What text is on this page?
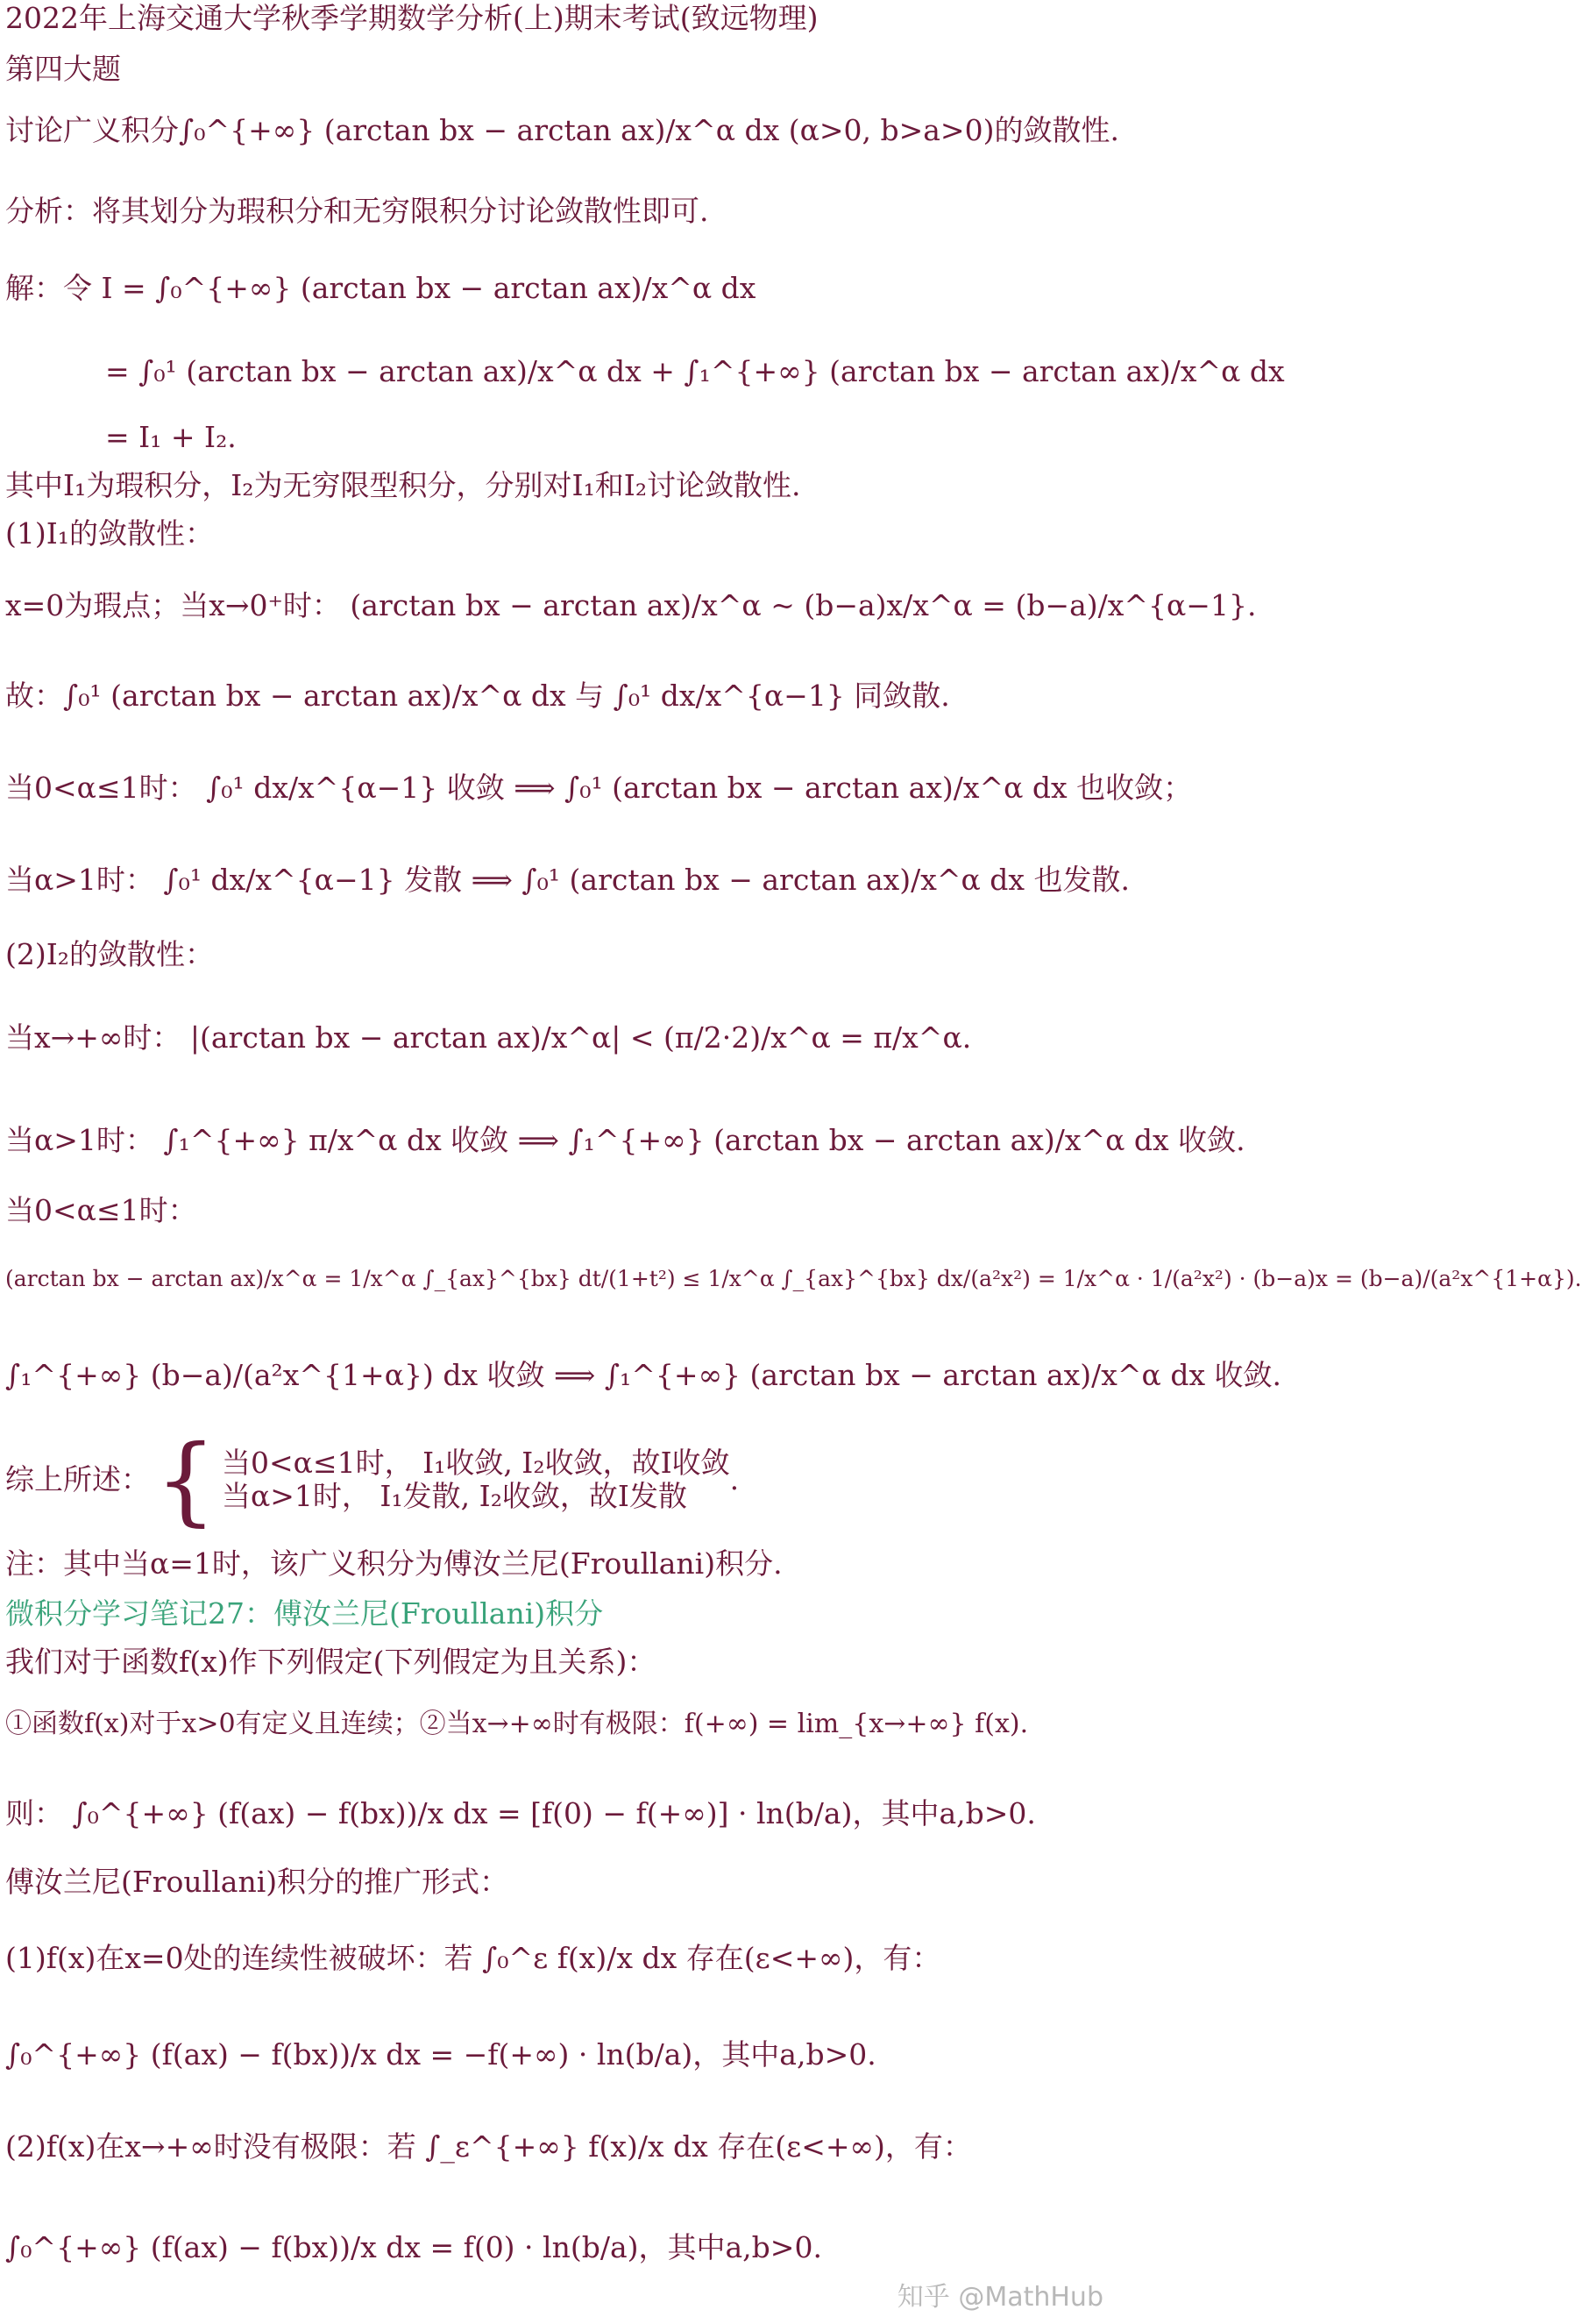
2022年上海交通大学秋季学期数学分析(上)期末考试(致远物理)
第四大题
讨论广义积分∫₀^{+∞} (arctan bx − arctan ax)/x^α dx (α>0, b>a>0)的敛散性.
分析：将其划分为瑕积分和无穷限积分讨论敛散性即可.
解：令 I = ∫₀^{+∞} (arctan bx − arctan ax)/x^α dx
= ∫₀¹ (arctan bx − arctan ax)/x^α dx + ∫₁^{+∞} (arctan bx − arctan ax)/x^α dx
= I₁ + I₂.
其中I₁为瑕积分，I₂为无穷限型积分，分别对I₁和I₂讨论敛散性.
(1)I₁的敛散性：
x=0为瑕点；当x→0⁺时： (arctan bx − arctan ax)/x^α ~ (b−a)x/x^α = (b−a)/x^{α−1}.
故：∫₀¹ (arctan bx − arctan ax)/x^α dx 与 ∫₀¹ dx/x^{α−1} 同敛散.
当0<α≤1时： ∫₀¹ dx/x^{α−1} 收敛 ⟹ ∫₀¹ (arctan bx − arctan ax)/x^α dx 也收敛；
当α>1时： ∫₀¹ dx/x^{α−1} 发散 ⟹ ∫₀¹ (arctan bx − arctan ax)/x^α dx 也发散.
(2)I₂的敛散性：
当x→+∞时： |(arctan bx − arctan ax)/x^α| < (π/2·2)/x^α = π/x^α.
当α>1时： ∫₁^{+∞} π/x^α dx 收敛 ⟹ ∫₁^{+∞} (arctan bx − arctan ax)/x^α dx 收敛.
当0<α≤1时：
(arctan bx − arctan ax)/x^α = 1/x^α ∫_{ax}^{bx} dt/(1+t²) ≤ 1/x^α ∫_{ax}^{bx} dx/(a²x²) = 1/x^α · 1/(a²x²) · (b−a)x = (b−a)/(a²x^{1+α}).
∫₁^{+∞} (b−a)/(a²x^{1+α}) dx 收敛 ⟹ ∫₁^{+∞} (arctan bx − arctan ax)/x^α dx 收敛.
综上所述： { 当0<α≤1时， I₁收敛, I₂收敛，故I收敛
当α>1时， I₁发散, I₂收敛，故I发散	.
注：其中当α=1时，该广义积分为傅汝兰尼(Froullani)积分.
微积分学习笔记27：傅汝兰尼(Froullani)积分
我们对于函数f(x)作下列假定(下列假定为且关系)：
①函数f(x)对于x>0有定义且连续；②当x→+∞时有极限：f(+∞) = lim_{x→+∞} f(x).
则： ∫₀^{+∞} (f(ax) − f(bx))/x dx = [f(0) − f(+∞)] · ln(b/a)，其中a,b>0.
傅汝兰尼(Froullani)积分的推广形式：
(1)f(x)在x=0处的连续性被破坏：若 ∫₀^ε f(x)/x dx 存在(ε<+∞)，有：
∫₀^{+∞} (f(ax) − f(bx))/x dx = −f(+∞) · ln(b/a)，其中a,b>0.
(2)f(x)在x→+∞时没有极限：若 ∫_ε^{+∞} f(x)/x dx 存在(ε<+∞)，有：
∫₀^{+∞} (f(ax) − f(bx))/x dx = f(0) · ln(b/a)，其中a,b>0.
知乎 @MathHub
